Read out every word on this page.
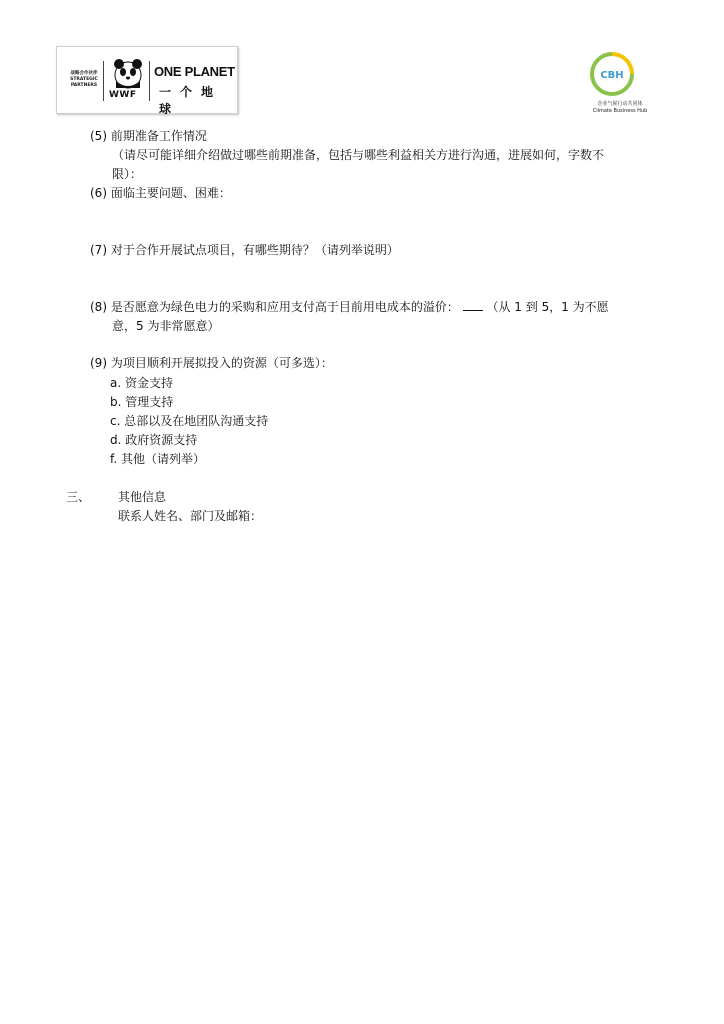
战略合作伙伴
STRATEGIC
PARTNERS
WWF
ONE PLANET
一个地球
CBH
企业气候行动共同体
Climate Business Hub
(5) 前期准备工作情况
（请尽可能详细介绍做过哪些前期准备，包括与哪些利益相关方进行沟通，进展如何，字数不
限）：
(6) 面临主要问题、困难：
(7) 对于合作开展试点项目，有哪些期待？（请列举说明）
(8) 是否愿意为绿色电力的采购和应用支付高于目前用电成本的溢价： （从 1 到 5，1 为不愿
意，5 为非常愿意）
(9) 为项目顺利开展拟投入的资源（可多选）：
a. 资金支持
b. 管理支持
c. 总部以及在地团队沟通支持
d. 政府资源支持
f. 其他（请列举）
三、 其他信息
联系人姓名、部门及邮箱：
